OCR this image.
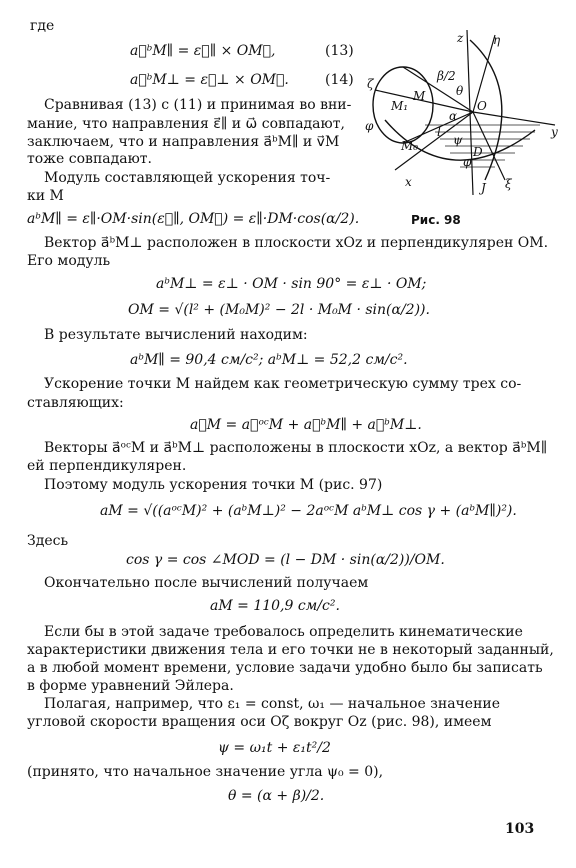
где
a⃗ᵇM∥ = ε⃗∥ × OM⃗,	(13)
a⃗ᵇM⊥ = ε⃗⊥ × OM⃗.	(14)
Сравнивая (13) с (11) и принимая во вни-
мание, что направления ε⃗∥ и ω⃗ совпадают,
заключаем, что и направления a⃗ᵇM∥ и v⃗M
тоже совпадают.
Модуль составляющей ускорения точ-
ки M
aᵇM∥ = ε∥·OM·sin(ε⃗∥, OM⃗) = ε∥·DM·cos(α/2).
Вектор a⃗ᵇM⊥ расположен в плоскости xOz и перпендикулярен OM.
Его модуль
aᵇM⊥ = ε⊥ · OM · sin 90° = ε⊥ · OM;
OM = √(l² + (M₀M)² − 2l · M₀M · sin(α/2)).
В результате вычислений находим:
aᵇM∥ = 90,4 см/с²; aᵇM⊥ = 52,2 см/с².
Ускорение точки M найдем как геометрическую сумму трех со-
ставляющих:
a⃗M = a⃗ᵒᶜM + a⃗ᵇM∥ + a⃗ᵇM⊥.
Векторы a⃗ᵒᶜM и a⃗ᵇM⊥ расположены в плоскости xOz, а вектор a⃗ᵇM∥
ей перпендикулярен.
Поэтому модуль ускорения точки M (рис. 97)
aM = √((aᵒᶜM)² + (aᵇM⊥)² − 2aᵒᶜM aᵇM⊥ cos γ + (aᵇM∥)²).
Здесь
cos γ = cos ∠MOD = (l − DM · sin(α/2))/OM.
Окончательно после вычислений получаем
aM = 110,9 см/с².
Если бы в этой задаче требовалось определить кинематические
характеристики движения тела и его точки не в некоторый заданный,
а в любой момент времени, условие задачи удобно было бы записать
в форме уравнений Эйлера.
Полагая, например, что ε₁ = const, ω₁ — начальное значение
угловой скорости вращения оси Oζ вокруг Oz (рис. 98), имеем
ψ = ω₁t + ε₁t²/2
(принято, что начальное значение угла ψ₀ = 0),
θ = (α + β)/2.
103
z η
ζ
β/2
θ
M₁
M
O
α
l
φ
ψ
M₀	D
φ
y
x	J ξ
Рис. 98
